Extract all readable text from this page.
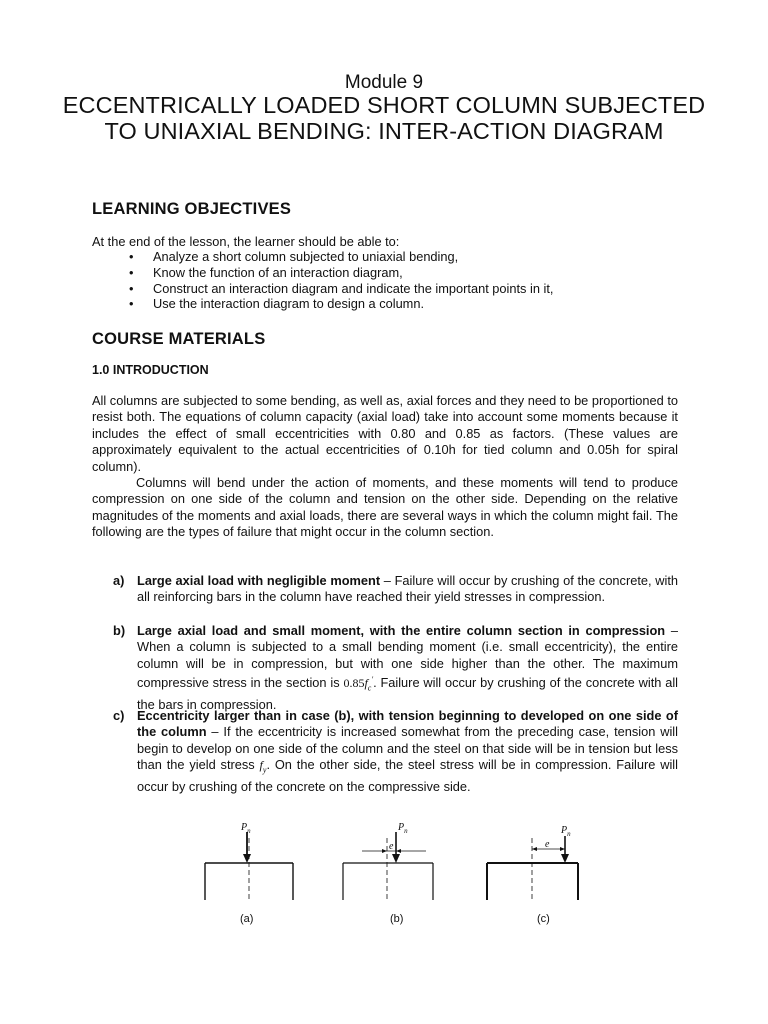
Module 9
ECCENTRICALLY LOADED SHORT COLUMN SUBJECTED TO UNIAXIAL BENDING: INTER-ACTION DIAGRAM
LEARNING OBJECTIVES
At the end of the lesson, the learner should be able to:
• Analyze a short column subjected to uniaxial bending,
• Know the function of an interaction diagram,
• Construct an interaction diagram and indicate the important points in it,
• Use the interaction diagram to design a column.
COURSE MATERIALS
1.0 INTRODUCTION
All columns are subjected to some bending, as well as, axial forces and they need to be proportioned to resist both. The equations of column capacity (axial load) take into account some moments because it includes the effect of small eccentricities with 0.80 and 0.85 as factors. (These values are approximately equivalent to the actual eccentricities of 0.10h for tied column and 0.05h for spiral column).
Columns will bend under the action of moments, and these moments will tend to produce compression on one side of the column and tension on the other side. Depending on the relative magnitudes of the moments and axial loads, there are several ways in which the column might fail. The following are the types of failure that might occur in the column section.
a) Large axial load with negligible moment – Failure will occur by crushing of the concrete, with all reinforcing bars in the column have reached their yield stresses in compression.
b) Large axial load and small moment, with the entire column section in compression – When a column is subjected to a small bending moment (i.e. small eccentricity), the entire column will be in compression, but with one side higher than the other. The maximum compressive stress in the section is $0.85f_c'$. Failure will occur by crushing of the concrete with all the bars in compression.
c) Eccentricity larger than in case (b), with tension beginning to developed on one side of the column – If the eccentricity is increased somewhat from the preceding case, tension will begin to develop on one side of the column and the steel on that side will be in tension but less than the yield stress $f_y$. On the other side, the steel stress will be in compression. Failure will occur by crushing of the concrete on the compressive side.
$P_n$
(a)
$P_n$
e
(b)
$P_n$
e
(c)
